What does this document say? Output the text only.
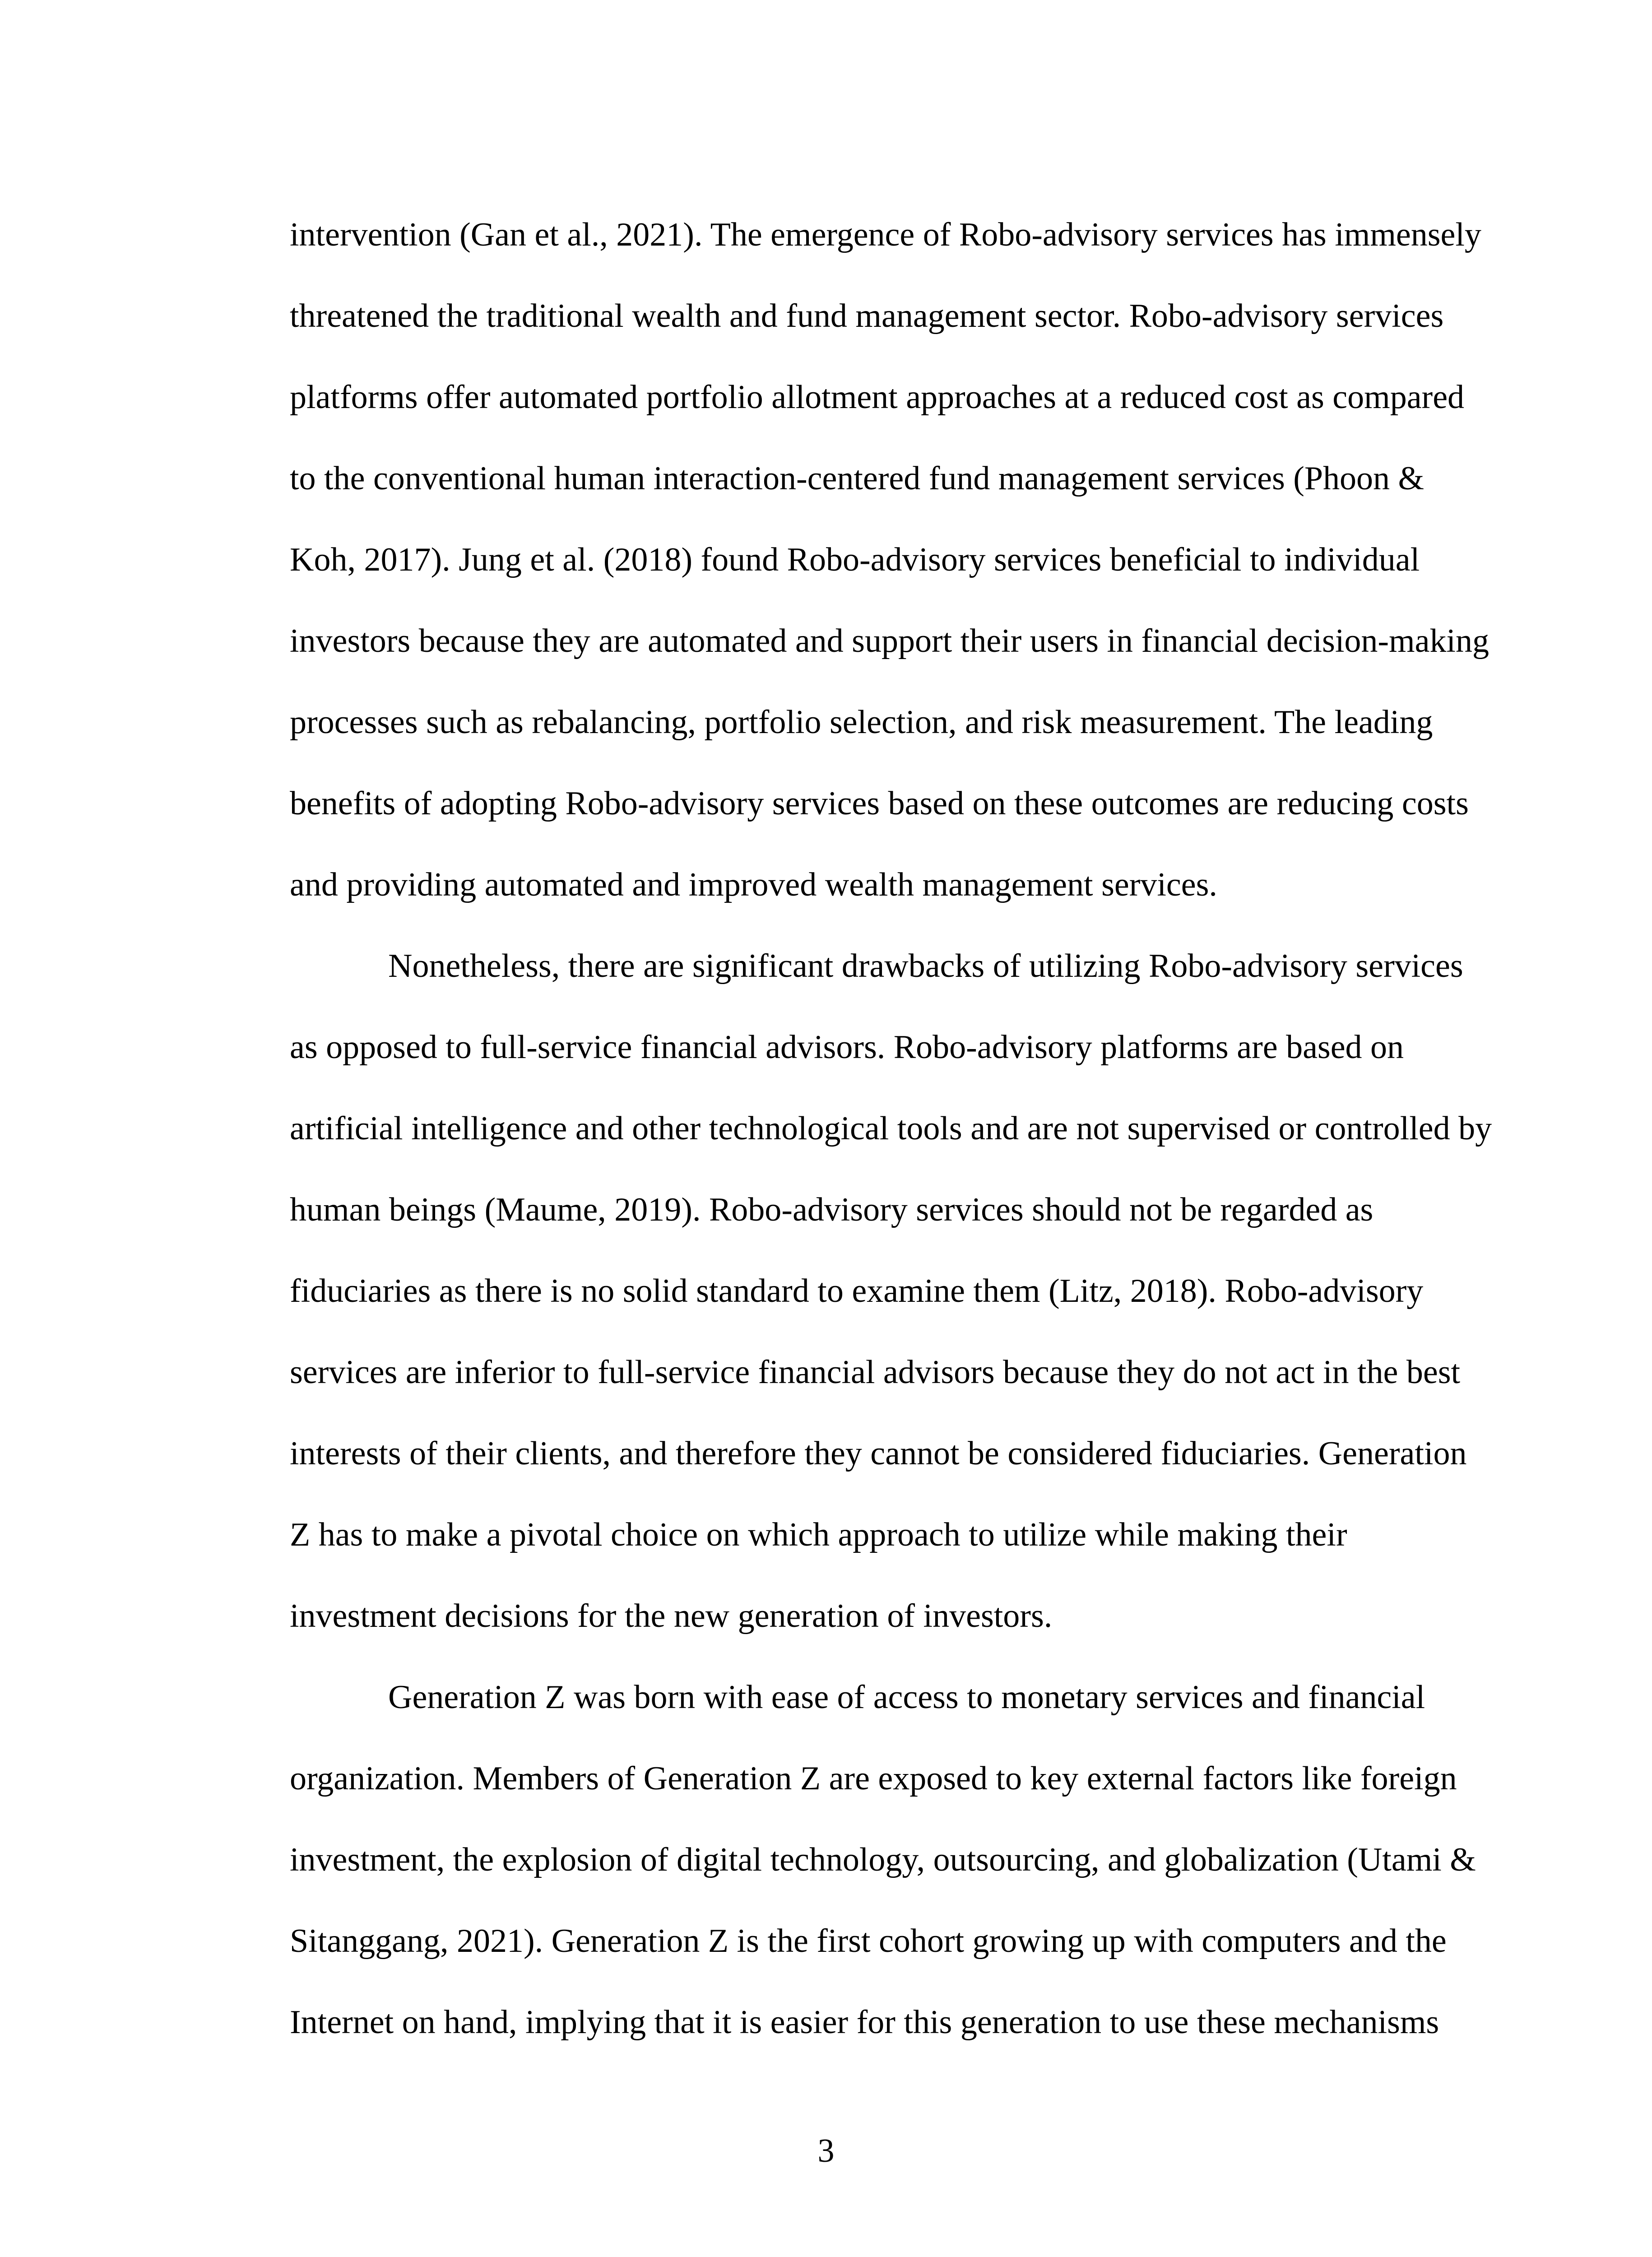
intervention (Gan et al., 2021). The emergence of Robo-advisory services has immensely
threatened the traditional wealth and fund management sector. Robo-advisory services
platforms offer automated portfolio allotment approaches at a reduced cost as compared
to the conventional human interaction-centered fund management services (Phoon &
Koh, 2017). Jung et al. (2018) found Robo-advisory services beneficial to individual
investors because they are automated and support their users in financial decision-making
processes such as rebalancing, portfolio selection, and risk measurement. The leading
benefits of adopting Robo-advisory services based on these outcomes are reducing costs
and providing automated and improved wealth management services.
Nonetheless, there are significant drawbacks of utilizing Robo-advisory services
as opposed to full-service financial advisors. Robo-advisory platforms are based on
artificial intelligence and other technological tools and are not supervised or controlled by
human beings (Maume, 2019). Robo-advisory services should not be regarded as
fiduciaries as there is no solid standard to examine them (Litz, 2018). Robo-advisory
services are inferior to full-service financial advisors because they do not act in the best
interests of their clients, and therefore they cannot be considered fiduciaries. Generation
Z has to make a pivotal choice on which approach to utilize while making their
investment decisions for the new generation of investors.
Generation Z was born with ease of access to monetary services and financial
organization. Members of Generation Z are exposed to key external factors like foreign
investment, the explosion of digital technology, outsourcing, and globalization (Utami &
Sitanggang, 2021). Generation Z is the first cohort growing up with computers and the
Internet on hand, implying that it is easier for this generation to use these mechanisms
3
